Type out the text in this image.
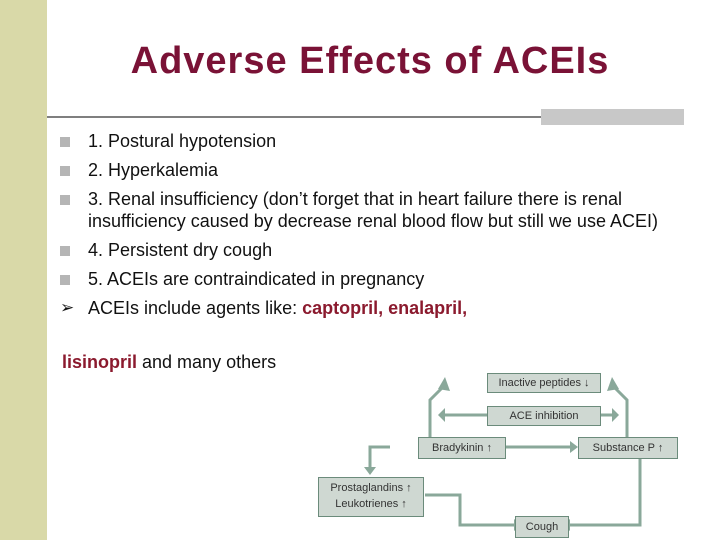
Adverse Effects of ACEIs
1. Postural hypotension
2. Hyperkalemia
3. Renal insufficiency (don’t forget that in heart failure there is renal insufficiency caused by decrease renal blood flow but still we use ACEI)
4. Persistent dry cough
5. ACEIs are contraindicated in pregnancy
➢ ACEIs include agents like: captopril, enalapril,
lisinopril and many others
Inactive peptides ↓
ACE inhibition
Bradykinin ↑	Substance P ↑
Prostaglandins ↑
Leukotrienes ↑
Cough
